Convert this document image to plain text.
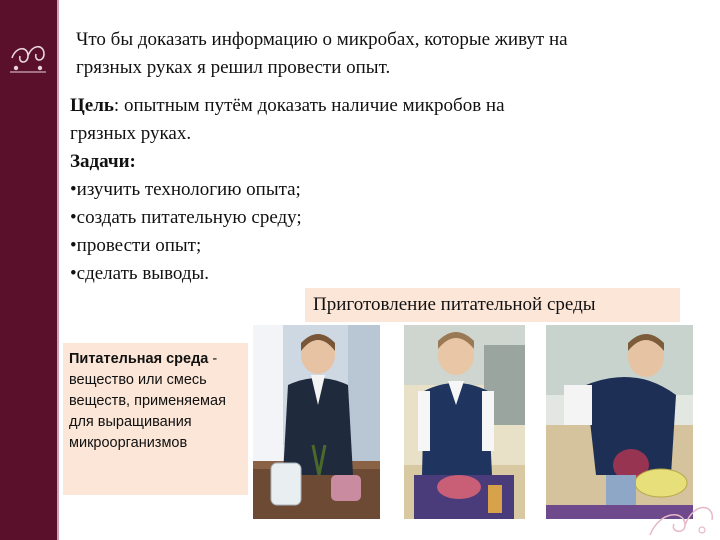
Что бы доказать информацию о микробах, которые живут на
грязных руках я решил провести опыт.
Цель: опытным путём доказать наличие микробов на
грязных руках.
Задачи:
•изучить технологию опыта;
•создать питательную среду;
•провести опыт;
•сделать выводы.
Приготовление питательной среды
Питательная среда - вещество или смесь веществ, применяемая для выращивания микроорганизмов
